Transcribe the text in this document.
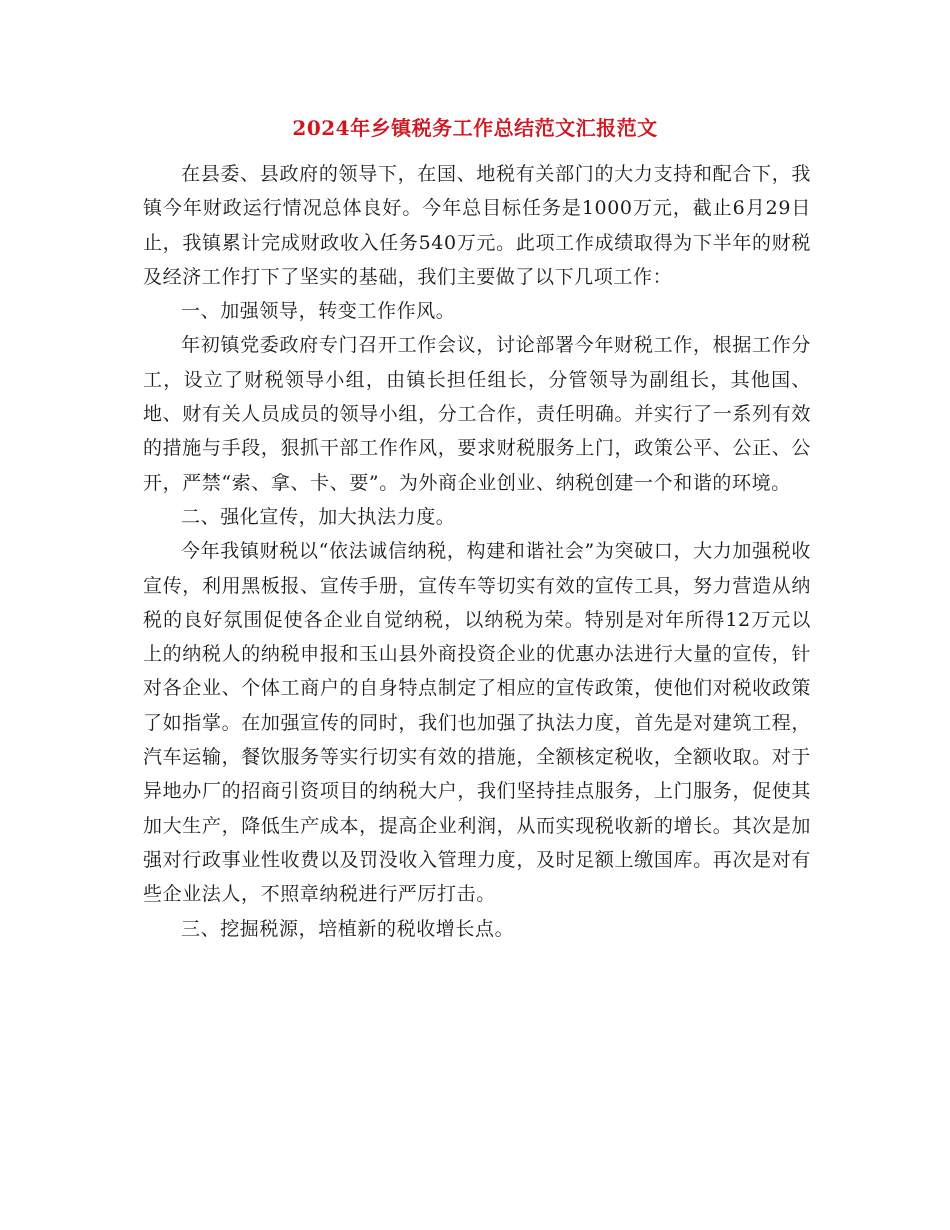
2024年乡镇税务工作总结范文汇报范文

在县委、县政府的领导下，在国、地税有关部门的大力支持和配合下，我镇今年财政运行情况总体良好。今年总目标任务是1000万元，截止6月29日止，我镇累计完成财政收入任务540万元。此项工作成绩取得为下半年的财税及经济工作打下了坚实的基础，我们主要做了以下几项工作：

一、加强领导，转变工作作风。

年初镇党委政府专门召开工作会议，讨论部署今年财税工作，根据工作分工，设立了财税领导小组，由镇长担任组长，分管领导为副组长，其他国、地、财有关人员成员的领导小组，分工合作，责任明确。并实行了一系列有效的措施与手段，狠抓干部工作作风，要求财税服务上门，政策公平、公正、公开，严禁“索、拿、卡、要”。为外商企业创业、纳税创建一个和谐的环境。

二、强化宣传，加大执法力度。

今年我镇财税以“依法诚信纳税，构建和谐社会”为突破口，大力加强税收宣传，利用黑板报、宣传手册，宣传车等切实有效的宣传工具，努力营造从纳税的良好氛围促使各企业自觉纳税，以纳税为荣。特别是对年所得12万元以上的纳税人的纳税申报和玉山县外商投资企业的优惠办法进行大量的宣传，针对各企业、个体工商户的自身特点制定了相应的宣传政策，使他们对税收政策了如指掌。在加强宣传的同时，我们也加强了执法力度，首先是对建筑工程，汽车运输，餐饮服务等实行切实有效的措施，全额核定税收，全额收取。对于异地办厂的招商引资项目的纳税大户，我们坚持挂点服务，上门服务，促使其加大生产，降低生产成本，提高企业利润，从而实现税收新的增长。其次是加强对行政事业性收费以及罚没收入管理力度，及时足额上缴国库。再次是对有些企业法人，不照章纳税进行严厉打击。

三、挖掘税源，培植新的税收增长点。
